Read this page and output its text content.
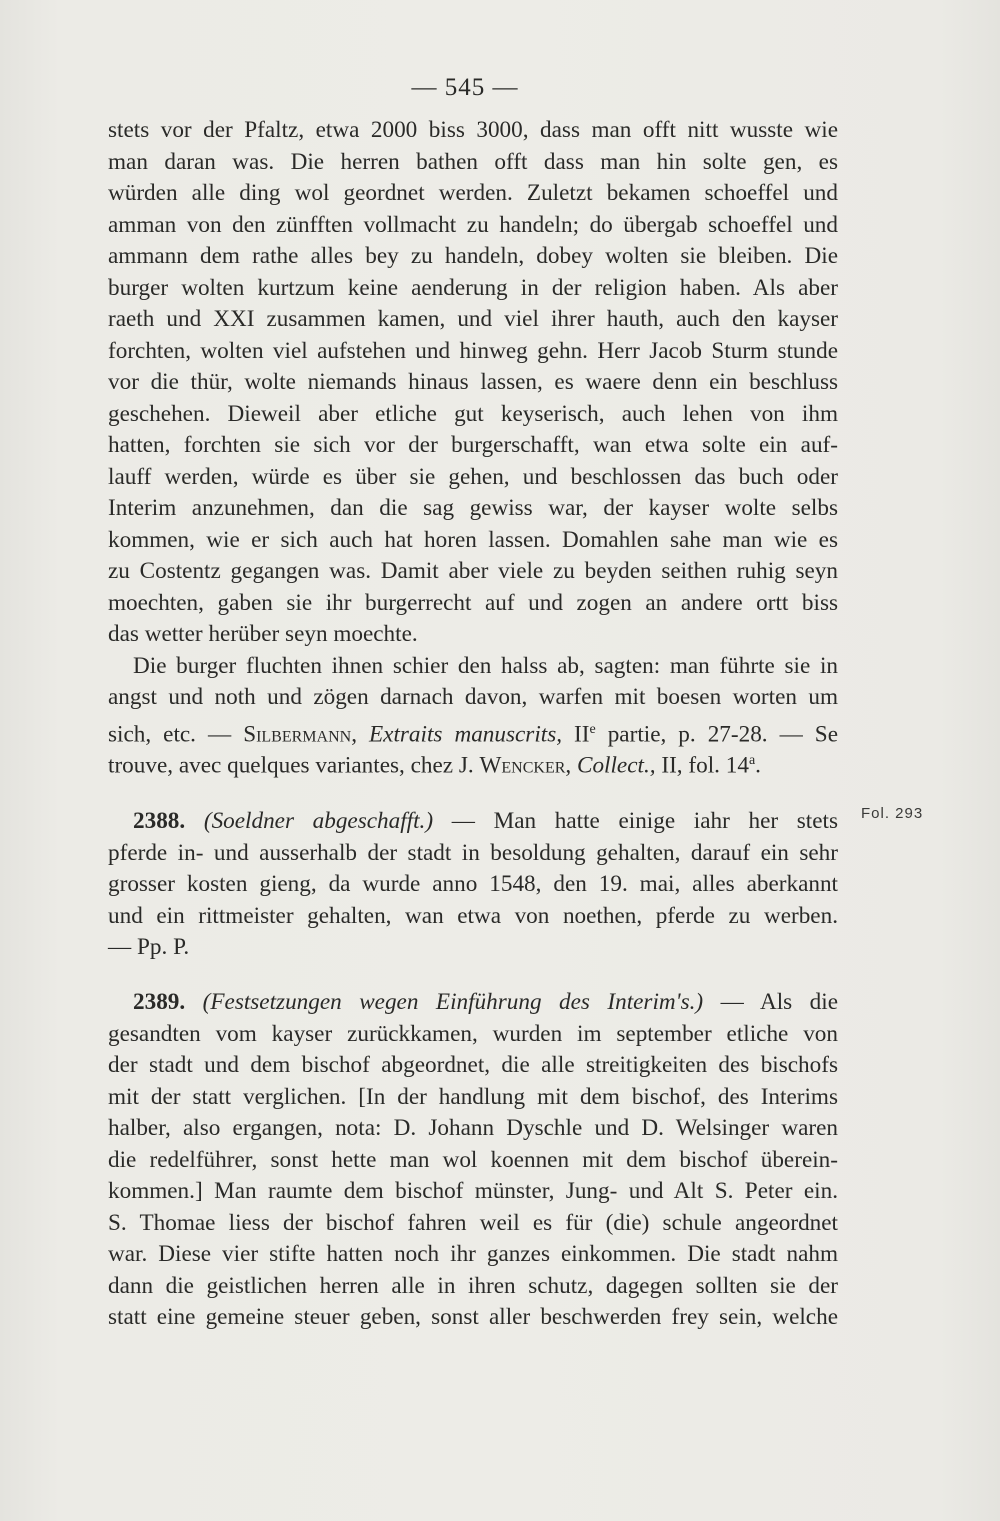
— 545 —
Fol. 293
stets vor der Pfaltz, etwa 2000 biss 3000, dass man offt nitt wusste wie
man daran was. Die herren bathen offt dass man hin solte gen, es
würden alle ding wol geordnet werden. Zuletzt bekamen schoeffel und
amman von den zünfften vollmacht zu handeln; do übergab schoeffel und
ammann dem rathe alles bey zu handeln, dobey wolten sie bleiben. Die
burger wolten kurtzum keine aenderung in der religion haben. Als aber
raeth und XXI zusammen kamen, und viel ihrer hauth, auch den kayser
forchten, wolten viel aufstehen und hinweg gehn. Herr Jacob Sturm stunde
vor die thür, wolte niemands hinaus lassen, es waere denn ein beschluss
geschehen. Dieweil aber etliche gut keyserisch, auch lehen von ihm
hatten, forchten sie sich vor der burgerschafft, wan etwa solte ein auf-
lauff werden, würde es über sie gehen, und beschlossen das buch oder
Interim anzunehmen, dan die sag gewiss war, der kayser wolte selbs
kommen, wie er sich auch hat horen lassen. Domahlen sahe man wie es
zu Costentz gegangen was. Damit aber viele zu beyden seithen ruhig seyn
moechten, gaben sie ihr burgerrecht auf und zogen an andere ortt biss
das wetter herüber seyn moechte.
Die burger fluchten ihnen schier den halss ab, sagten: man führte sie in
angst und noth und zögen darnach davon, warfen mit boesen worten um
sich, etc. — Silbermann, Extraits manuscrits, IIe partie, p. 27-28. — Se
trouve, avec quelques variantes, chez J. Wencker, Collect., II, fol. 14$^a$.
2388. (Soeldner abgeschafft.) — Man hatte einige iahr her stets
pferde in- und ausserhalb der stadt in besoldung gehalten, darauf ein sehr
grosser kosten gieng, da wurde anno 1548, den 19. mai, alles aberkannt
und ein rittmeister gehalten, wan etwa von noethen, pferde zu werben.
— Pp. P.
2389. (Festsetzungen wegen Einführung des Interim's.) — Als die
gesandten vom kayser zurückkamen, wurden im september etliche von
der stadt und dem bischof abgeordnet, die alle streitigkeiten des bischofs
mit der statt verglichen. [In der handlung mit dem bischof, des Interims
halber, also ergangen, nota: D. Johann Dyschle und D. Welsinger waren
die redelführer, sonst hette man wol koennen mit dem bischof überein-
kommen.] Man raumte dem bischof münster, Jung- und Alt S. Peter ein.
S. Thomae liess der bischof fahren weil es für (die) schule angeordnet
war. Diese vier stifte hatten noch ihr ganzes einkommen. Die stadt nahm
dann die geistlichen herren alle in ihren schutz, dagegen sollten sie der
statt eine gemeine steuer geben, sonst aller beschwerden frey sein, welche
